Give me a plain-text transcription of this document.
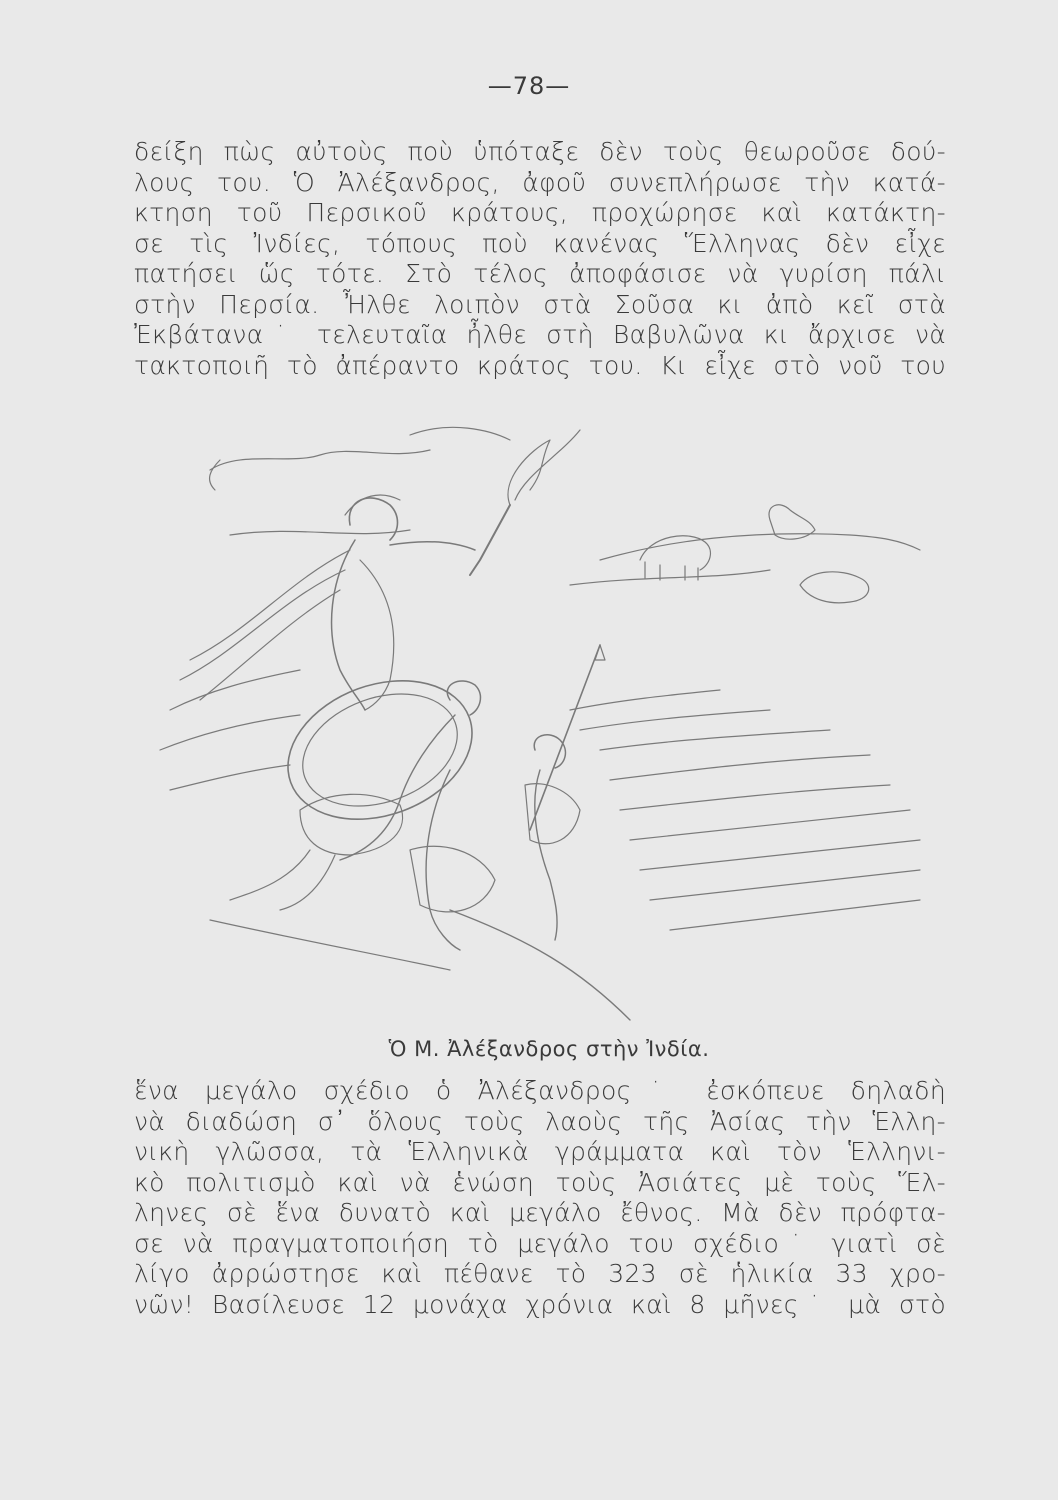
—78—
δείξη πὼς αὐτοὺς ποὺ ὑπόταξε δὲν τοὺς θεωροῦσε δού-
λους του. Ὁ Ἀλέξανδρος, ἀφοῦ συνεπλήρωσε τὴν κατά-
κτηση τοῦ Περσικοῦ κράτους, προχώρησε καὶ κατάκτη-
σε τὶς Ἰνδίες, τόπους ποὺ κανένας Ἕλληνας δὲν εἶχε
πατήσει ὥς τότε. Στὸ τέλος ἀποφάσισε νὰ γυρίση πάλι
στὴν Περσία. Ἦλθε λοιπὸν στὰ Σοῦσα κι ἀπὸ κεῖ στὰ
Ἐκβάτανα˙ τελευταῖα ἦλθε στὴ Βαβυλῶνα κι ἄρχισε νὰ
τακτοποιῆ τὸ ἀπέραντο κράτος του. Κι εἶχε στὸ νοῦ του
Ὁ Μ. Ἀλέξανδρος στὴν Ἰνδία.
ἕνα μεγάλο σχέδιο ὁ Ἀλέξανδρος˙ ἐσκόπευε δηλαδὴ
νὰ διαδώση σ᾽ ὅλους τοὺς λαοὺς τῆς Ἀσίας τὴν Ἑλλη-
νικὴ γλῶσσα, τὰ Ἑλληνικὰ γράμματα καὶ τὸν Ἑλληνι-
κὸ πολιτισμὸ καὶ νὰ ἑνώση τοὺς Ἀσιάτες μὲ τοὺς Ἕλ-
ληνες σὲ ἕνα δυνατὸ καὶ μεγάλο ἔθνος. Μὰ δὲν πρόφτα-
σε νὰ πραγματοποιήση τὸ μεγάλο του σχέδιο˙ γιατὶ σὲ
λίγο ἀρρώστησε καὶ πέθανε τὸ 323 σὲ ἡλικία 33 χρο-
νῶν! Βασίλευσε 12 μονάχα χρόνια καὶ 8 μῆνες˙ μὰ στὸ
